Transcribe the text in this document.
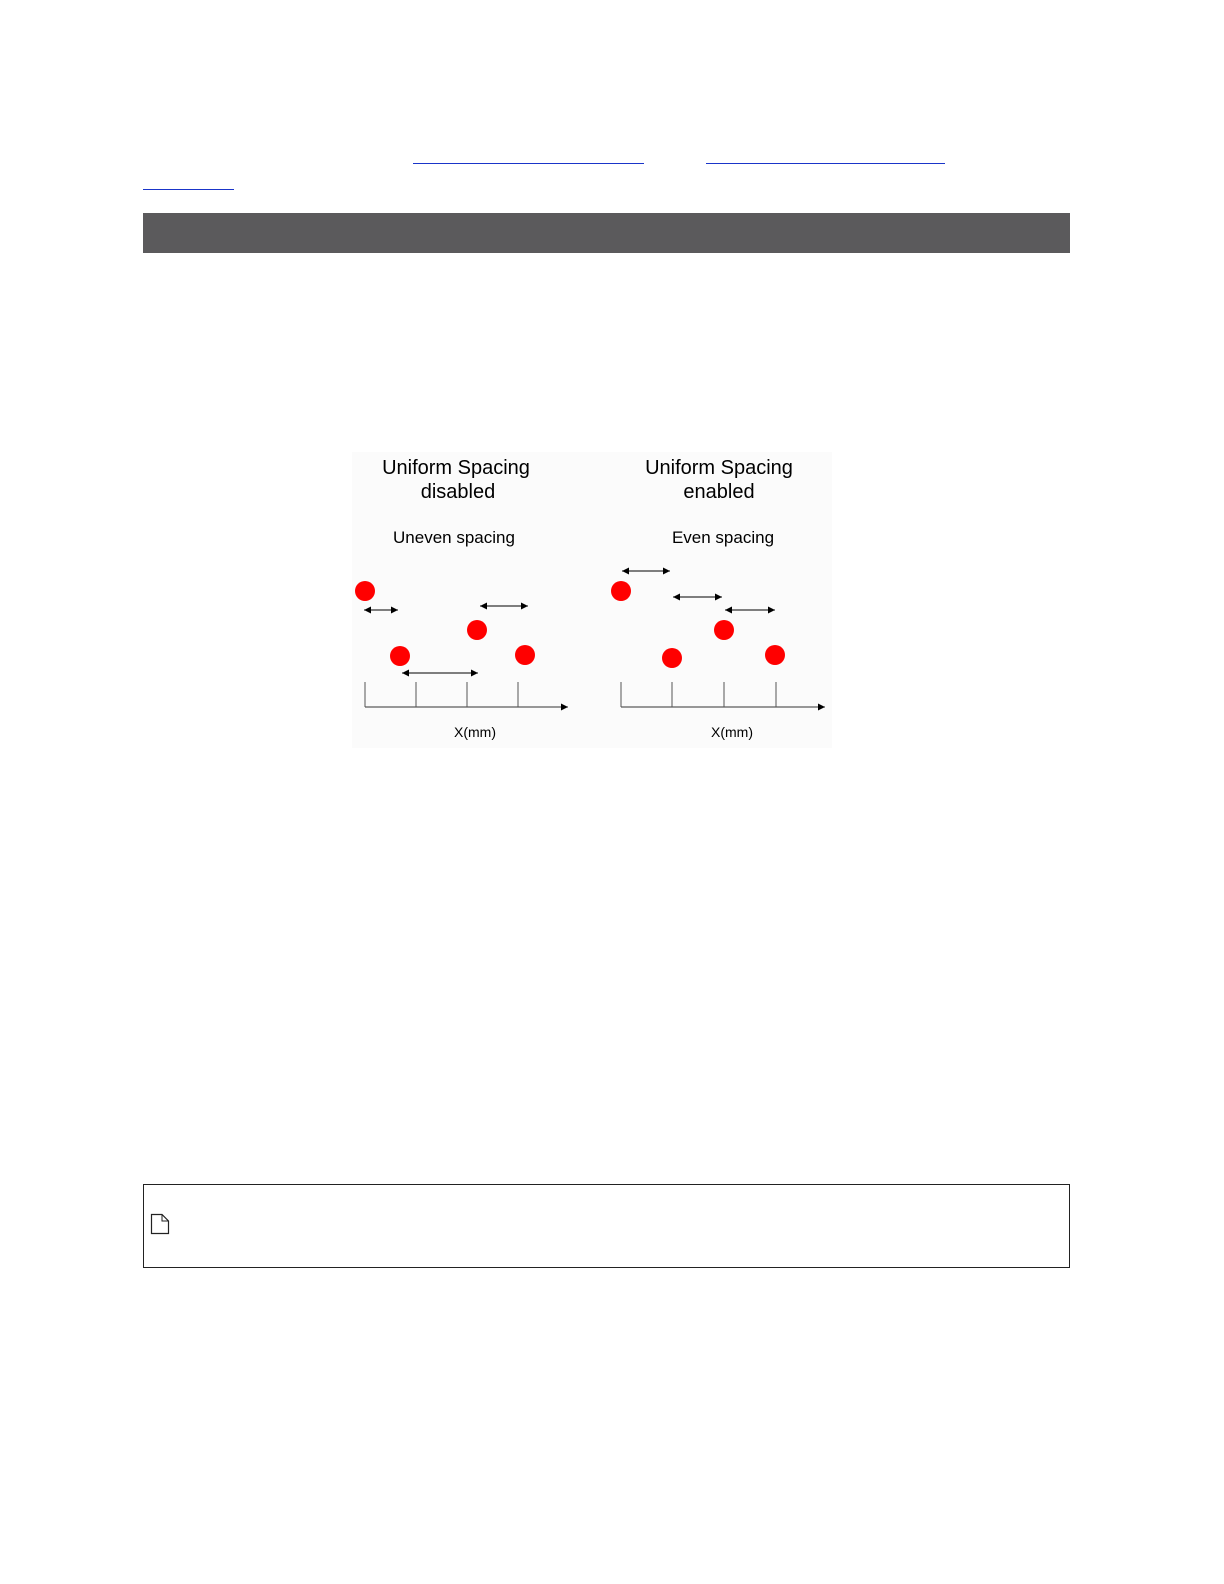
Uniform Spacing
disabled
Uneven spacing
X(mm)
Uniform Spacing
enabled
Even spacing
X(mm)
